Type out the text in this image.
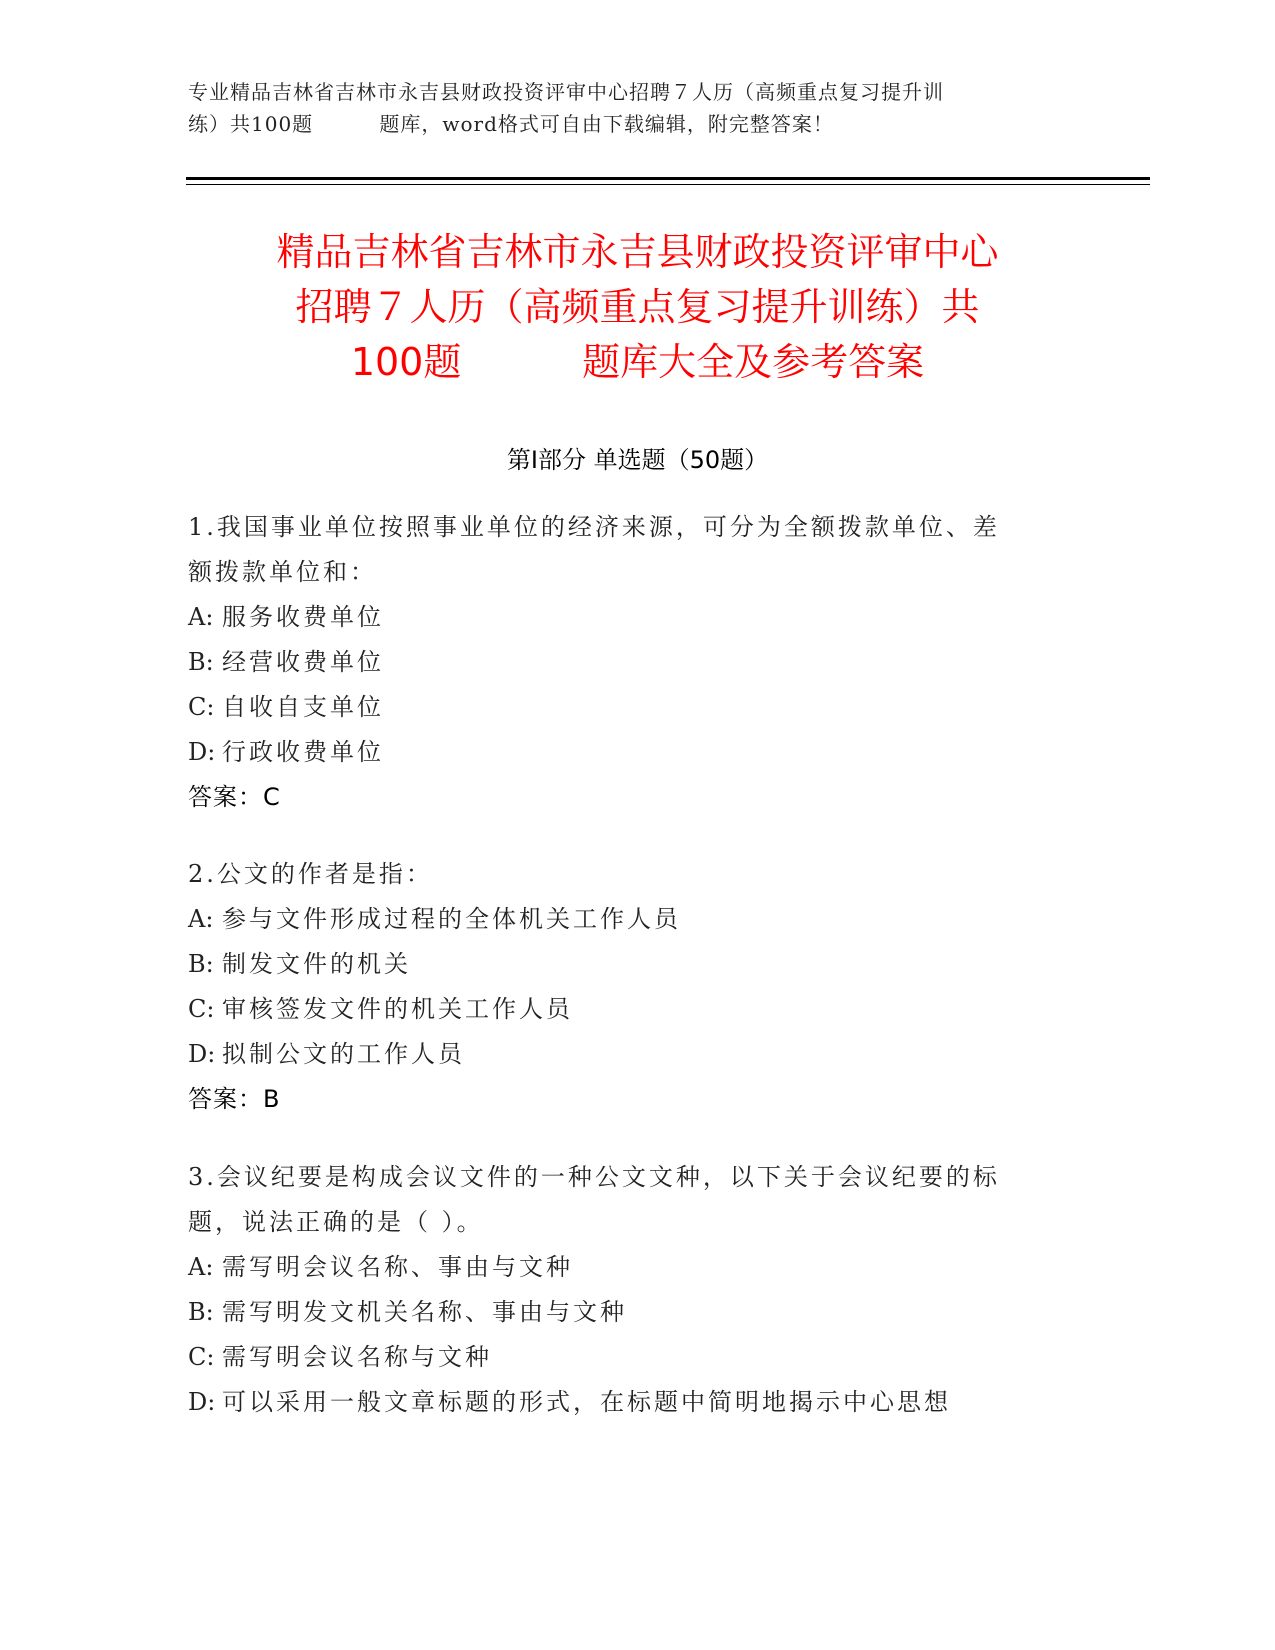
专业精品吉林省吉林市永吉县财政投资评审中心招聘７人历（高频重点复习提升训
练）共100题         题库，word格式可自由下载编辑，附完整答案！
精品吉林省吉林市永吉县财政投资评审中心
招聘７人历（高频重点复习提升训练）共
100题          题库大全及参考答案
第Ⅰ部分 单选题（50题）
1.我国事业单位按照事业单位的经济来源，可分为全额拨款单位、差
额拨款单位和：
A: 服务收费单位
B: 经营收费单位
C: 自收自支单位
D: 行政收费单位
答案：C
2.公文的作者是指：
A: 参与文件形成过程的全体机关工作人员
B: 制发文件的机关
C: 审核签发文件的机关工作人员
D: 拟制公文的工作人员
答案：B
3.会议纪要是构成会议文件的一种公文文种，以下关于会议纪要的标
题，说法正确的是（ ）。
A: 需写明会议名称、事由与文种
B: 需写明发文机关名称、事由与文种
C: 需写明会议名称与文种
D: 可以采用一般文章标题的形式，在标题中简明地揭示中心思想
